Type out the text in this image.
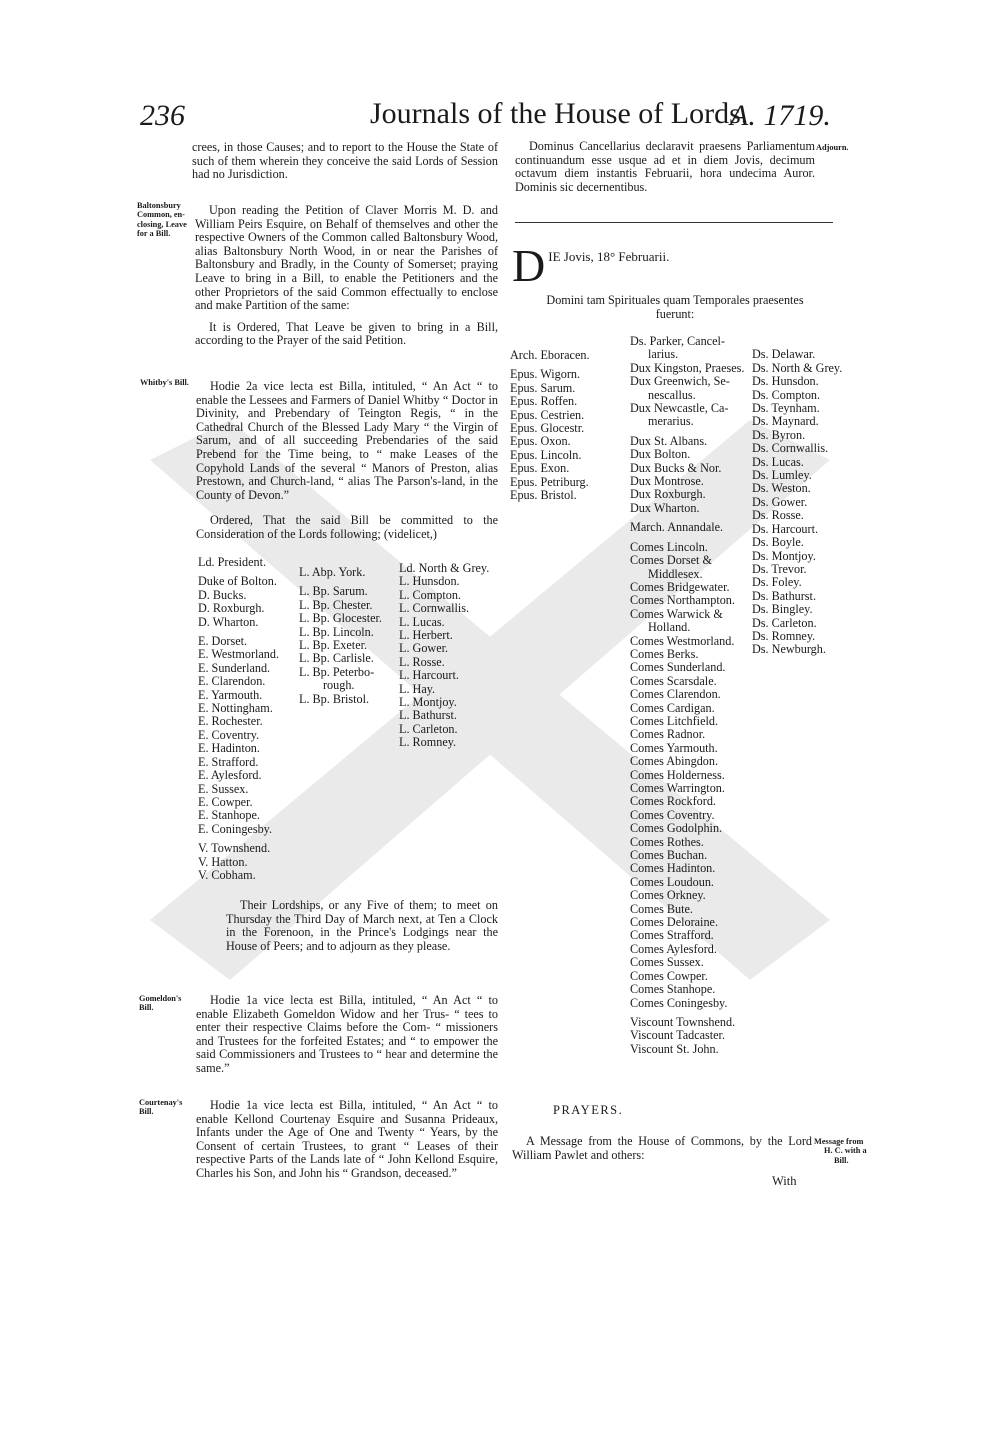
236	Journals of the House of Lords.
A. 1719.

crees, in those Causes; and to report to the House the State of such of them wherein they conceive the said Lords of Session had no Jurisdiction.

Baltonsbury
Common, en-
closing, Leave
for a Bill.

Upon reading the Petition of Claver Morris M. D. and William Peirs Esquire, on Behalf of themselves and other the respective Owners of the Common called Baltonsbury Wood, alias Baltonsbury North Wood, in or near the Parishes of Baltonsbury and Bradly, in the County of Somerset; praying Leave to bring in a Bill, to enable the Petitioners and the other Proprietors of the said Common effectually to enclose and make Partition of the same:

It is Ordered, That Leave be given to bring in a Bill, according to the Prayer of the said Petition.

Whitby's Bill.	Hodie 2a vice lecta est Billa, intituled, “ An Act “ to enable the Lessees and Farmers of Daniel Whitby “ Doctor in Divinity, and Prebendary of Teington Regis, “ in the Cathedral Church of the Blessed Lady Mary “ the Virgin of Sarum, and of all succeeding Prebendaries of the said Prebend for the Time being, to “ make Leases of the Copyhold Lands of the several “ Manors of Preston, alias Prestown, and Church-land, “ alias The Parson's-land, in the County of Devon.”

Ordered, That the said Bill be committed to the Consideration of the Lords following; (videlicet,)

Ld. President.
Duke of Bolton.
D. Bucks.
D. Roxburgh.
D. Wharton.
E. Dorset.
E. Westmorland.
E. Sunderland.
E. Clarendon.
E. Yarmouth.
E. Nottingham.
E. Rochester.
E. Coventry.
E. Hadinton.
E. Strafford.
E. Aylesford.
E. Sussex.
E. Cowper.
E. Stanhope.
E. Coningesby.
V. Townshend.
V. Hatton.
V. Cobham.
L. Abp. York.
L. Bp. Sarum.
L. Bp. Chester.
L. Bp. Glocester.
L. Bp. Lincoln.
L. Bp. Exeter.
L. Bp. Carlisle.
L. Bp. Peterbo-
rough.
L. Bp. Bristol.
Ld. North & Grey.
L. Hunsdon.
L. Compton.
L. Cornwallis.
L. Lucas.
L. Herbert.
L. Gower.
L. Rosse.
L. Harcourt.
L. Hay.
L. Montjoy.
L. Bathurst.
L. Carleton.
L. Romney.

Their Lordships, or any Five of them; to meet on Thursday the Third Day of March next, at Ten a Clock in the Forenoon, in the Prince's Lodgings near the House of Peers; and to adjourn as they please.

Gomeldon's
Bill.

Hodie 1a vice lecta est Billa, intituled, “ An Act “ to enable Elizabeth Gomeldon Widow and her Trus- “ tees to enter their respective Claims before the Com- “ missioners and Trustees for the forfeited Estates; and “ to empower the said Commissioners and Trustees to “ hear and determine the same.”

Courtenay's
Bill.	Hodie 1a vice lecta est Billa, intituled, “ An Act “ to enable Kellond Courtenay Esquire and Susanna Prideaux, Infants under the Age of One and Twenty “ Years, by the Consent of certain Trustees, to grant “ Leases of their respective Parts of the Lands late of “ John Kellond Esquire, Charles his Son, and John his “ Grandson, deceased.”

Dominus Cancellarius declaravit praesens Parliamentum continuandum esse usque ad et in diem Jovis, decimum octavum diem instantis Februarii, hora undecima Auror. Dominis sic decernentibus.

Adjourn.
D IE Jovis, 18° Februarii.
Domini tam Spirituales quam Temporales praesentes
fuerunt:
Arch. Eboracen.
Epus. Wigorn.
Epus. Sarum.
Epus. Roffen.
Epus. Cestrien.
Epus. Glocestr.
Epus. Oxon.
Epus. Lincoln.
Epus. Exon.
Epus. Petriburg.
Epus. Bristol.
Ds. Parker, Cancel-
larius.
Dux Kingston, Praeses.
Dux Greenwich, Se-
nescallus.
Dux Newcastle, Ca-
merarius.
Dux St. Albans.
Dux Bolton.
Dux Bucks & Nor.
Dux Montrose.
Dux Roxburgh.
Dux Wharton.
March. Annandale.
Comes Lincoln.
Comes Dorset &
Middlesex.
Comes Bridgewater.
Comes Northampton.
Comes Warwick &
Holland.
Comes Westmorland.
Comes Berks.
Comes Sunderland.
Comes Scarsdale.
Comes Clarendon.
Comes Cardigan.
Comes Litchfield.
Comes Radnor.
Comes Yarmouth.
Comes Abingdon.
Comes Holderness.
Comes Warrington.
Comes Rockford.
Comes Coventry.
Comes Godolphin.
Comes Rothes.
Comes Buchan.
Comes Hadinton.
Comes Loudoun.
Comes Orkney.
Comes Bute.
Comes Deloraine.
Comes Strafford.
Comes Aylesford.
Comes Sussex.
Comes Cowper.
Comes Stanhope.
Comes Coningesby.
Viscount Townshend.
Viscount Tadcaster.
Viscount St. John.

Ds. Delawar.
Ds. North & Grey.
Ds. Hunsdon.
Ds. Compton.
Ds. Teynham.
Ds. Maynard.
Ds. Byron.
Ds. Cornwallis.
Ds. Lucas.
Ds. Lumley.
Ds. Weston.
Ds. Gower.
Ds. Rosse.
Ds. Harcourt.
Ds. Boyle.
Ds. Montjoy.
Ds. Trevor.
Ds. Foley.
Ds. Bathurst.
Ds. Bingley.
Ds. Carleton.
Ds. Romney.
Ds. Newburgh.
PRAYERS.

A Message from the House of Commons, by the Lord William Pawlet and others:

Message from
H. C. with a
Bill.
With
